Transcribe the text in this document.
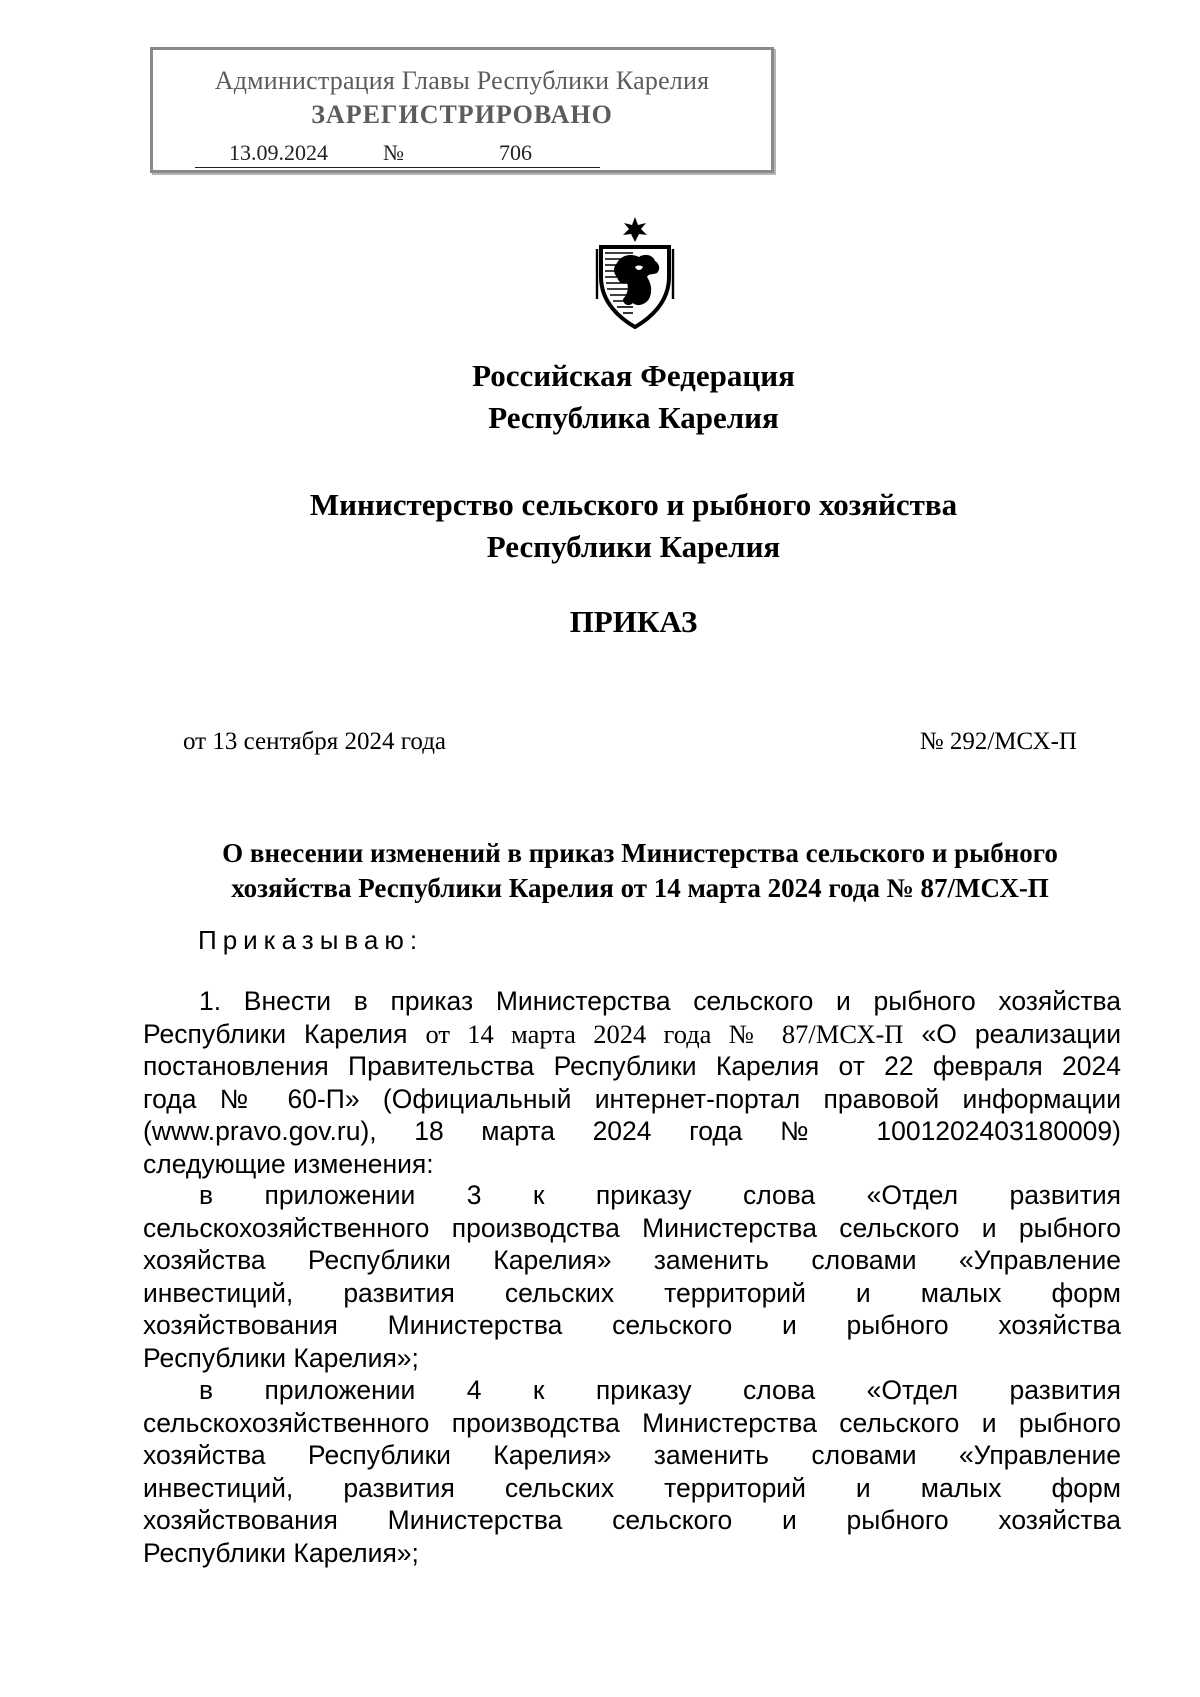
Администрация Главы Республики Карелия
ЗАРЕГИСТРИРОВАНО
13.09.2024	№	706
Российская Федерация
Республика Карелия
Министерство сельского и рыбного хозяйства
Республики Карелия
ПРИКАЗ
от 13 сентября 2024 года	№ 292/МСХ-П
О внесении изменений в приказ Министерства сельского и рыбного
хозяйства Республики Карелия от 14 марта 2024 года № 87/МСХ-П
Приказываю:
1. Внести в приказ Министерства сельского и рыбного хозяйства
Республики Карелия от 14 марта 2024 года № 87/МСХ-П «О реализации
постановления Правительства Республики Карелия от 22 февраля 2024
года № 60-П» (Официальный интернет-портал правовой информации
(www.pravo.gov.ru), 18 марта 2024 года № 1001202403180009)
следующие изменения:
в приложении 3 к приказу слова «Отдел развития
сельскохозяйственного производства Министерства сельского и рыбного
хозяйства Республики Карелия» заменить словами «Управление
инвестиций, развития сельских территорий и малых форм
хозяйствования Министерства сельского и рыбного хозяйства
Республики Карелия»;
в приложении 4 к приказу слова «Отдел развития
сельскохозяйственного производства Министерства сельского и рыбного
хозяйства Республики Карелия» заменить словами «Управление
инвестиций, развития сельских территорий и малых форм
хозяйствования Министерства сельского и рыбного хозяйства
Республики Карелия»;
